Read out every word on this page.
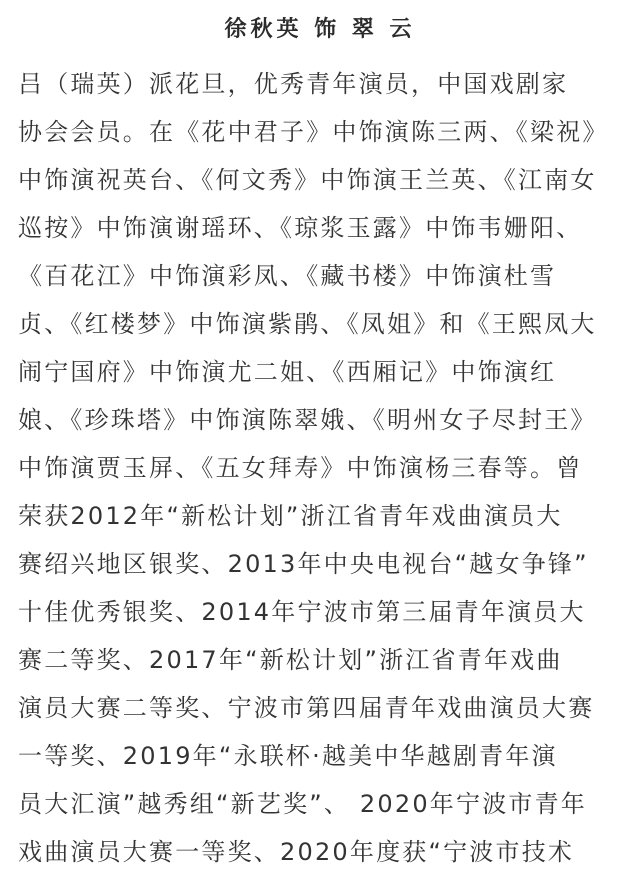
徐秋英 饰 翠 云
吕（瑞英）派花旦，优秀青年演员，中国戏剧家
协会会员。在《花中君子》中饰演陈三两、《梁祝》
中饰演祝英台、《何文秀》中饰演王兰英、《江南女
巡按》中饰演谢瑶环、《琼浆玉露》中饰韦姗阳、
《百花江》中饰演彩凤、《藏书楼》中饰演杜雪
贞、《红楼梦》中饰演紫鹃、《凤姐》和《王熙凤大
闹宁国府》中饰演尤二姐、《西厢记》中饰演红
娘、《珍珠塔》中饰演陈翠娥、《明州女子尽封王》
中饰演贾玉屏、《五女拜寿》中饰演杨三春等。曾
荣获2012年“新松计划”浙江省青年戏曲演员大
赛绍兴地区银奖、2013年中央电视台“越女争锋”
十佳优秀银奖、2014年宁波市第三届青年演员大
赛二等奖、2017年“新松计划”浙江省青年戏曲
演员大赛二等奖、宁波市第四届青年戏曲演员大赛
一等奖、2019年“永联杯·越美中华越剧青年演
员大汇演”越秀组“新艺奖”、 2020年宁波市青年
戏曲演员大赛一等奖、2020年度获“宁波市技术
